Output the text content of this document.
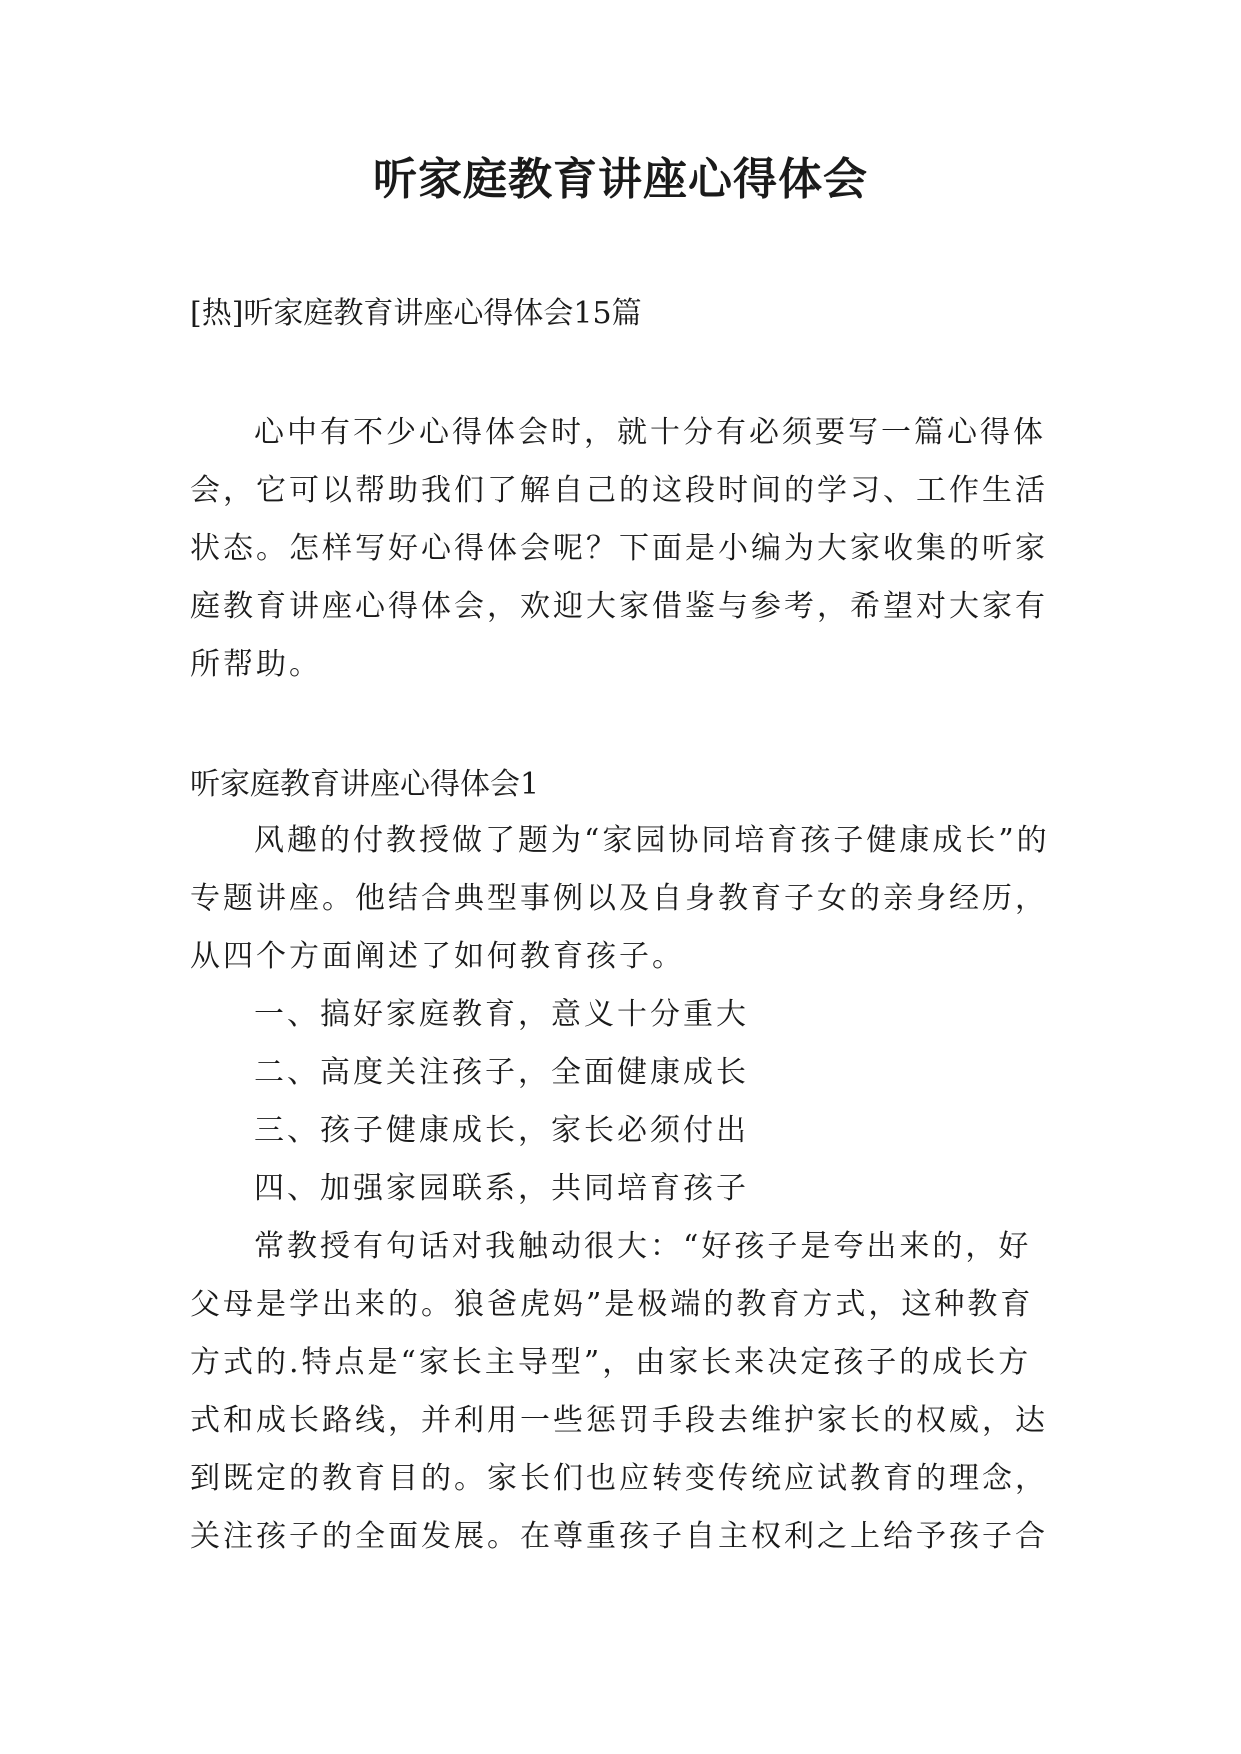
听家庭教育讲座心得体会

[热]听家庭教育讲座心得体会15篇

心中有不少心得体会时，就十分有必须要写一篇心得体会，它可以帮助我们了解自己的这段时间的学习、工作生活状态。怎样写好心得体会呢？下面是小编为大家收集的听家庭教育讲座心得体会，欢迎大家借鉴与参考，希望对大家有所帮助。

听家庭教育讲座心得体会1

风趣的付教授做了题为“家园协同培育孩子健康成长”的专题讲座。他结合典型事例以及自身教育子女的亲身经历，从四个方面阐述了如何教育孩子。

一、搞好家庭教育，意义十分重大

二、高度关注孩子，全面健康成长

三、孩子健康成长，家长必须付出

四、加强家园联系，共同培育孩子

常教授有句话对我触动很大：“好孩子是夸出来的，好父母是学出来的。狼爸虎妈”是极端的教育方式，这种教育方式的.特点是“家长主导型”，由家长来决定孩子的成长方式和成长路线，并利用一些惩罚手段去维护家长的权威，达到既定的教育目的。家长们也应转变传统应试教育的理念，关注孩子的全面发展。在尊重孩子自主权利之上给予孩子合
